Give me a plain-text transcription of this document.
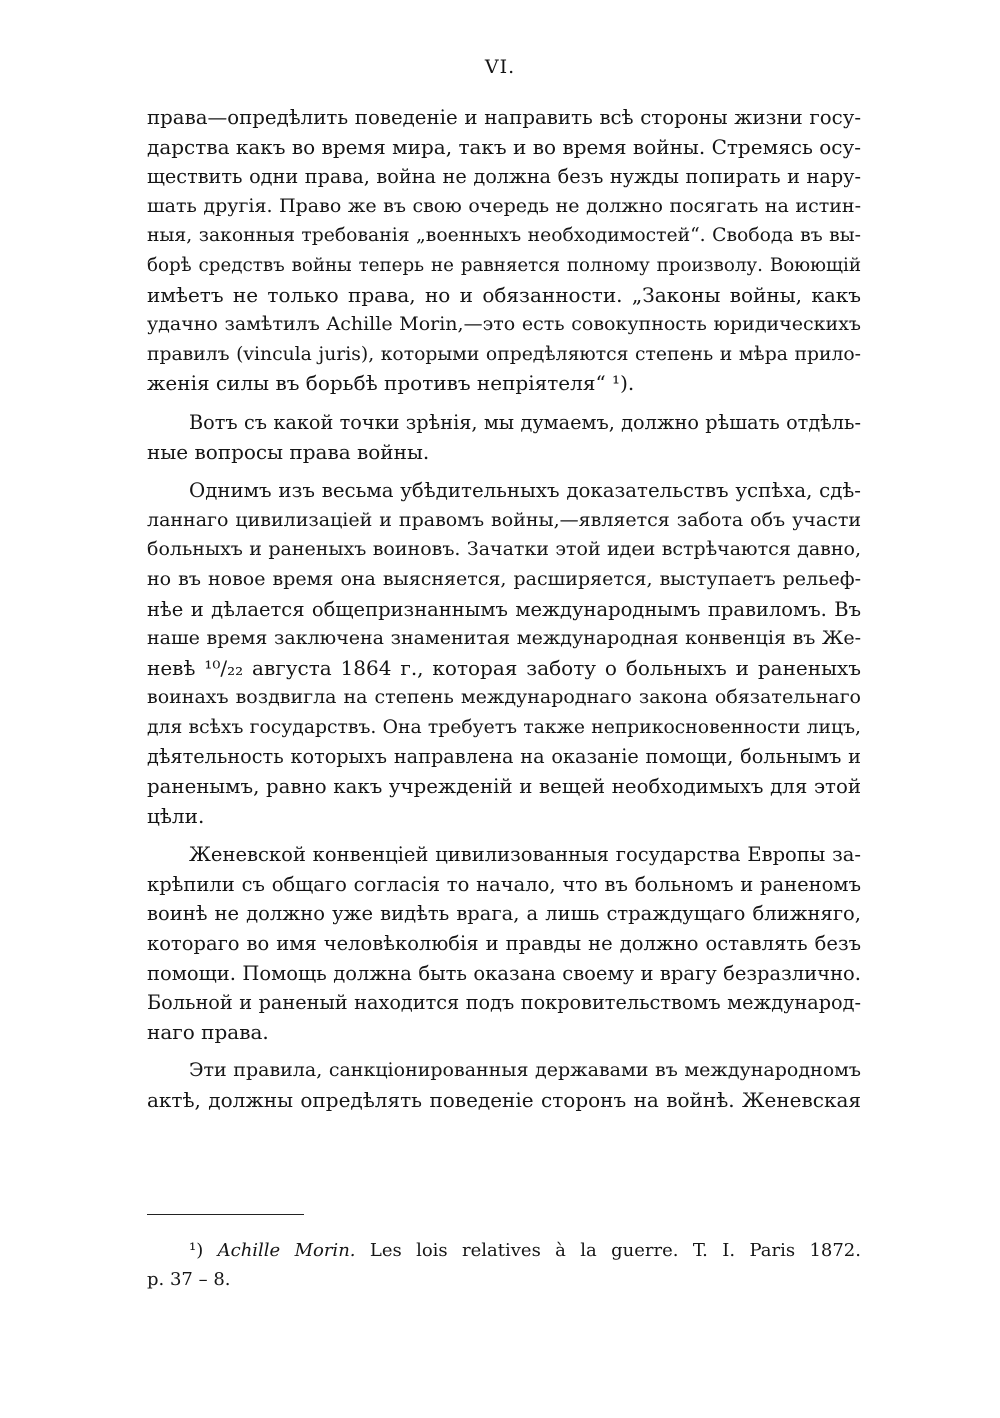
VI.
права—опредѣлить поведеніе и направить всѣ стороны жизни госу-
дарства какъ во время мира, такъ и во время войны. Стремясь осу-
ществить одни права, война не должна безъ нужды попирать и нару-
шать другія. Право же въ свою очередь не должно посягать на истин-
ныя, законныя требованія „военныхъ необходимостей“. Свобода въ вы-
борѣ средствъ войны теперь не равняется полному произволу. Воюющій
имѣетъ не только права, но и обязанности. „Законы войны, какъ
удачно замѣтилъ Achille Morin,—это есть совокупность юридическихъ
правилъ (vincula juris), которыми опредѣляются степень и мѣра прило-
женія силы въ борьбѣ противъ непріятеля“ ¹).
Вотъ съ какой точки зрѣнія, мы думаемъ, должно рѣшать отдѣль-
ные вопросы права войны.
Однимъ изъ весьма убѣдительныхъ доказательствъ успѣха, сдѣ-
ланнаго цивилизаціей и правомъ войны,—является забота объ участи
больныхъ и раненыхъ воиновъ. Зачатки этой идеи встрѣчаются давно,
но въ новое время она выясняется, расширяется, выступаетъ рельеф-
нѣе и дѣлается общепризнаннымъ международнымъ правиломъ. Въ
наше время заключена знаменитая международная конвенція въ Же-
невѣ ¹⁰/₂₂ августа 1864 г., которая заботу о больныхъ и раненыхъ
воинахъ воздвигла на степень международнаго закона обязательнаго
для всѣхъ государствъ. Она требуетъ также неприкосновенности лицъ,
дѣятельность которыхъ направлена на оказаніе помощи, больнымъ и
раненымъ, равно какъ учрежденій и вещей необходимыхъ для этой
цѣли.
Женевской конвенціей цивилизованныя государства Европы за-
крѣпили съ общаго согласія то начало, что въ больномъ и раненомъ
воинѣ не должно уже видѣть врага, а лишь страждущаго ближняго,
котораго во имя человѣколюбія и правды не должно оставлять безъ
помощи. Помощь должна быть оказана своему и врагу безразлично.
Больной и раненый находится подъ покровительствомъ международ-
наго права.
Эти правила, санкціонированныя державами въ международномъ
актѣ, должны опредѣлять поведеніе сторонъ на войнѣ. Женевская
¹) Achille Morin. Les lois relatives à la guerre. T. I. Paris 1872.
p. 37 – 8.
